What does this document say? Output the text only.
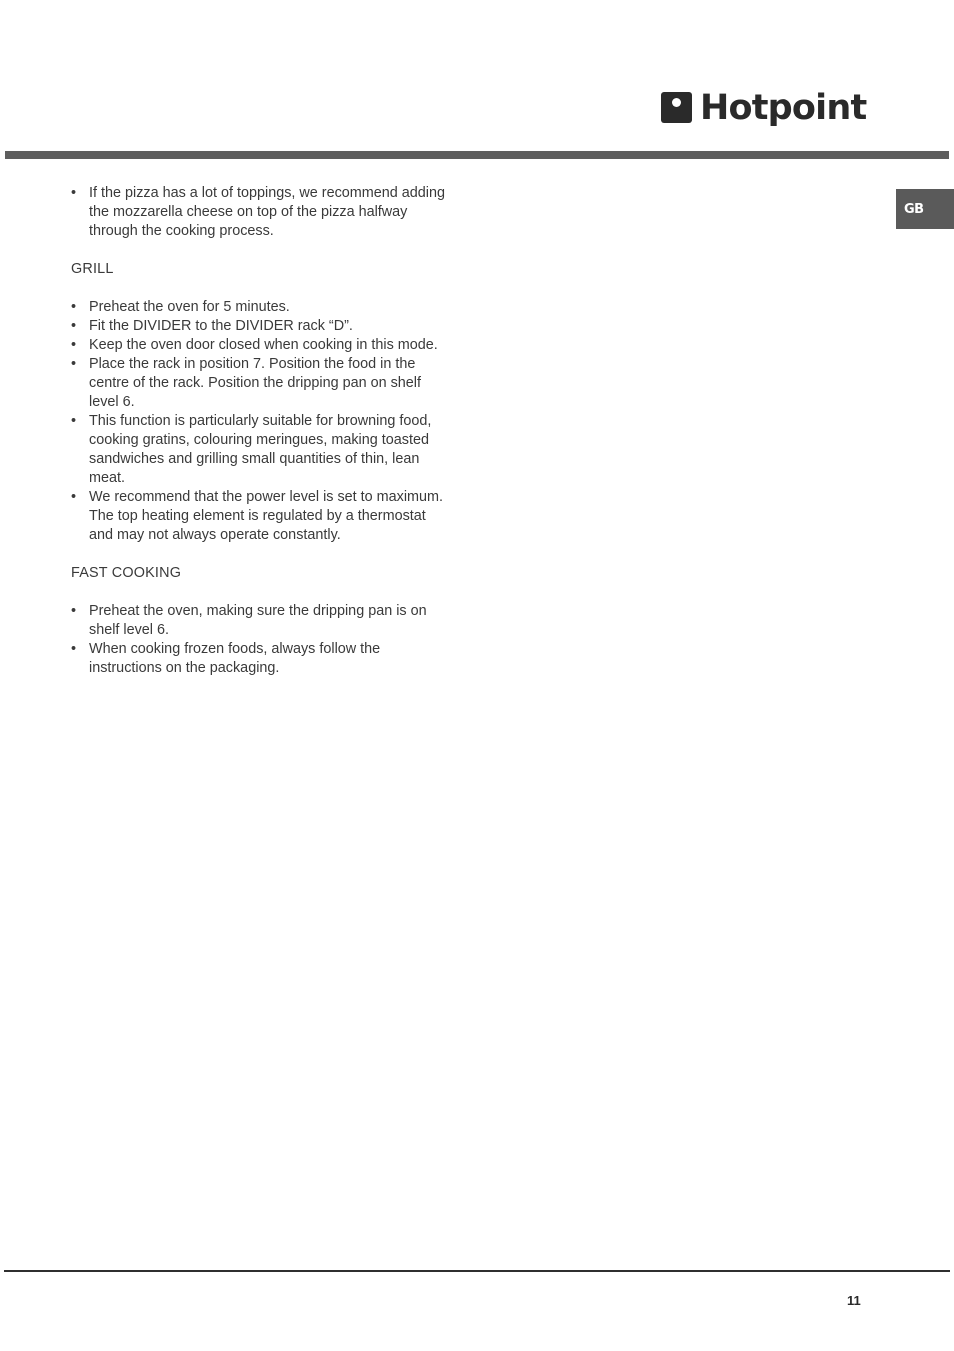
Hotpoint
GB
• If the pizza has a lot of toppings, we recommend adding the mozzarella cheese on top of the pizza halfway through the cooking process.
GRILL
• Preheat the oven for 5 minutes.
• Fit the DIVIDER to the DIVIDER rack “D”.
• Keep the oven door closed when cooking in this mode.
• Place the rack in position 7. Position the food in the centre of the rack. Position the dripping pan on shelf level 6.
• This function is particularly suitable for browning food, cooking gratins, colouring meringues, making toasted sandwiches and grilling small quantities of thin, lean meat.
• We recommend that the power level is set to maximum. The top heating element is regulated by a thermostat and may not always operate constantly.
FAST COOKING
• Preheat the oven, making sure the dripping pan is on shelf level 6.
• When cooking frozen foods, always follow the instructions on the packaging.
11
